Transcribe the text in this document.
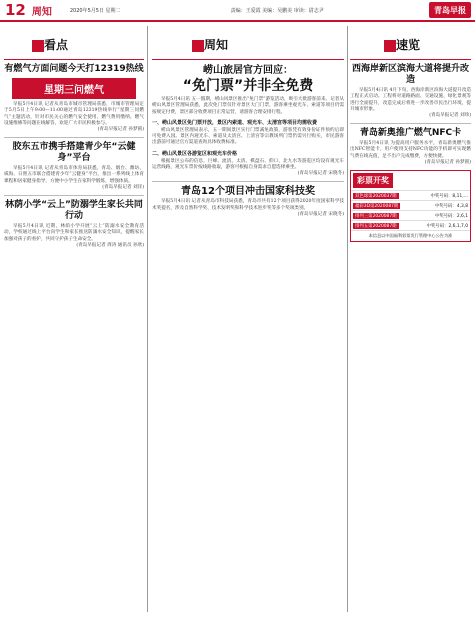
12 周知	2020年5月5日 星期二	责编：王爱霞 美编：吴鹏美 审读：尉志尹	青岛早报
看点
有燃气方面问题今天打12319热线
星期三问燃气
早报5月4日讯 记者从青岛市城市管理局获悉，市城市管理局定于5月5日上午9:00—11:00通过青岛12319热线举行“星期三问燃气”主题活动，针对市民关心的燃气安全使用、燃气费用缴纳、燃气设施维修等问题在线解答，欢迎广大市民积极参与。
(青岛早报记者 孙梦圆)
胶东五市携手搭建青少年“云健身”平台
早报5月4日讯 记者从青岛市体育局获悉，青岛、烟台、潍坊、威海、日照五市联合搭建青少年“云健身”平台，推出一系列线上体育课程和居家健身指导，方便中小学生在家科学锻炼，增强体质。
(青岛早报记者 刘洋)
林荫小学“云上”防溺学生家长共同行动
早报5月4日讯 近期，林荫小学开展“云上”防溺水安全教育活动，学校通过线上平台向学生和家长推送防溺水安全知识，提醒家长加强对孩子的看护，共同守护孩子生命安全。
(青岛早报记者 周涛 通讯员 孙欣)
周知
崂山旅居官方回应：
“免门票”并非全免费
早报5月4日讯 五一假期，崂山风景区推出“免门票”游览活动，吸引大批游客前来。记者从崂山风景区管理局获悉，此次免门票仅针对景区大门门票，游客乘坐观光车、索道等项目仍需按规定付费，景区部分收费项目正常运营，请游客合理安排行程。
一、崂山风景区免门票开放，景区内索道、观光车、太清宫等项目均需收费
崂山风景区管理局表示，五一期间景区实行门票减免政策，游客凭有效身份证件预约后即可免费入园。景区内观光车、索道及太清宫、上清宫等宗教场所门票仍需另行购买，市民游客出游前可通过官方渠道查询具体收费标准。
二、崂山风景区各游览区和观光车价格
根据景区公布的信息，巨峰、流清、太清、棋盘石、仰口、北九水等游览区均设有观光车运营线路，观光车票价按线路收取，游客可根据自身需求自愿选择乘坐。
(青岛早报记者 宋晓冬)
青岛12个项目冲击国家科技奖
早报5月4日讯 记者从青岛市科技局获悉，青岛市共有12个项目获得2020年度国家科学技术奖提名，涉及自然科学奖、技术发明奖和科学技术进步奖等多个奖项类别。
(青岛早报记者 宋晓冬)
速览
西海岸新区滨海大道将提升改造
早报5月4日讯 4月下旬，西海岸新区滨海大道提升改造工程正式启动。工程将对道路路面、交通设施、绿化景观等进行全面提升，改造完成后将进一步改善市民出行环境，提升城市形象。
(青岛早报记者 刘珍)
青岛新奥推广燃气NFC卡
早报5月4日讯 为提高用户服务水平，青岛新奥燃气推出NFC智能卡，用户使用支持NFC功能的手机即可实现燃气费在线充值，足不出户完成缴费，方便快捷。
(青岛早报记者 孙梦圆)
彩票开奖
双色球第2020037期	中奖号码：8,11,…
福彩3D第2020087期	中奖号码：4,3,8
排列三第2020087期	中奖号码：2,6,1
排列五第2020087期	中奖号码：2,6,1,7,0
本信息以中国福利彩票发行管理中心公告为准
